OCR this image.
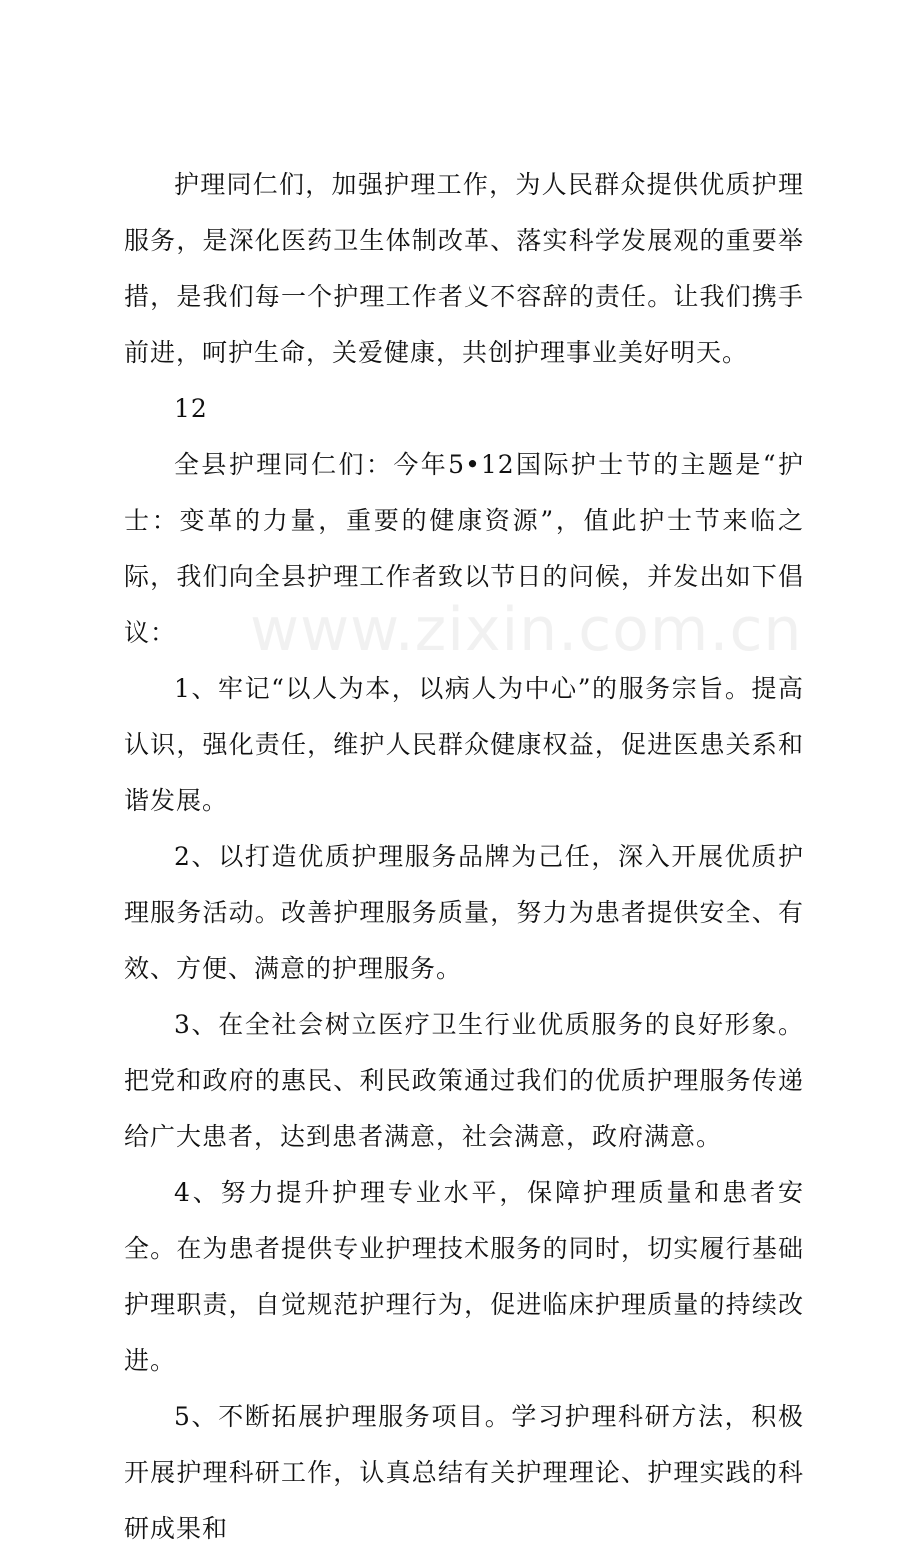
www.zixin.com.cn

护理同仁们，加强护理工作，为人民群众提供优质护理服务，是深化医药卫生体制改革、落实科学发展观的重要举措，是我们每一个护理工作者义不容辞的责任。让我们携手前进，呵护生命，关爱健康，共创护理事业美好明天。

12

全县护理同仁们：今年5•12国际护士节的主题是“护士：变革的力量，重要的健康资源”，值此护士节来临之际，我们向全县护理工作者致以节日的问候，并发出如下倡议：

1、牢记“以人为本，以病人为中心”的服务宗旨。提高认识，强化责任，维护人民群众健康权益，促进医患关系和谐发展。

2、以打造优质护理服务品牌为己任，深入开展优质护理服务活动。改善护理服务质量，努力为患者提供安全、有效、方便、满意的护理服务。

3、在全社会树立医疗卫生行业优质服务的良好形象。把党和政府的惠民、利民政策通过我们的优质护理服务传递给广大患者，达到患者满意，社会满意，政府满意。

4、努力提升护理专业水平，保障护理质量和患者安全。在为患者提供专业护理技术服务的同时，切实履行基础护理职责，自觉规范护理行为，促进临床护理质量的持续改进。

5、不断拓展护理服务项目。学习护理科研方法，积极开展护理科研工作，认真总结有关护理理论、护理实践的科研成果和
